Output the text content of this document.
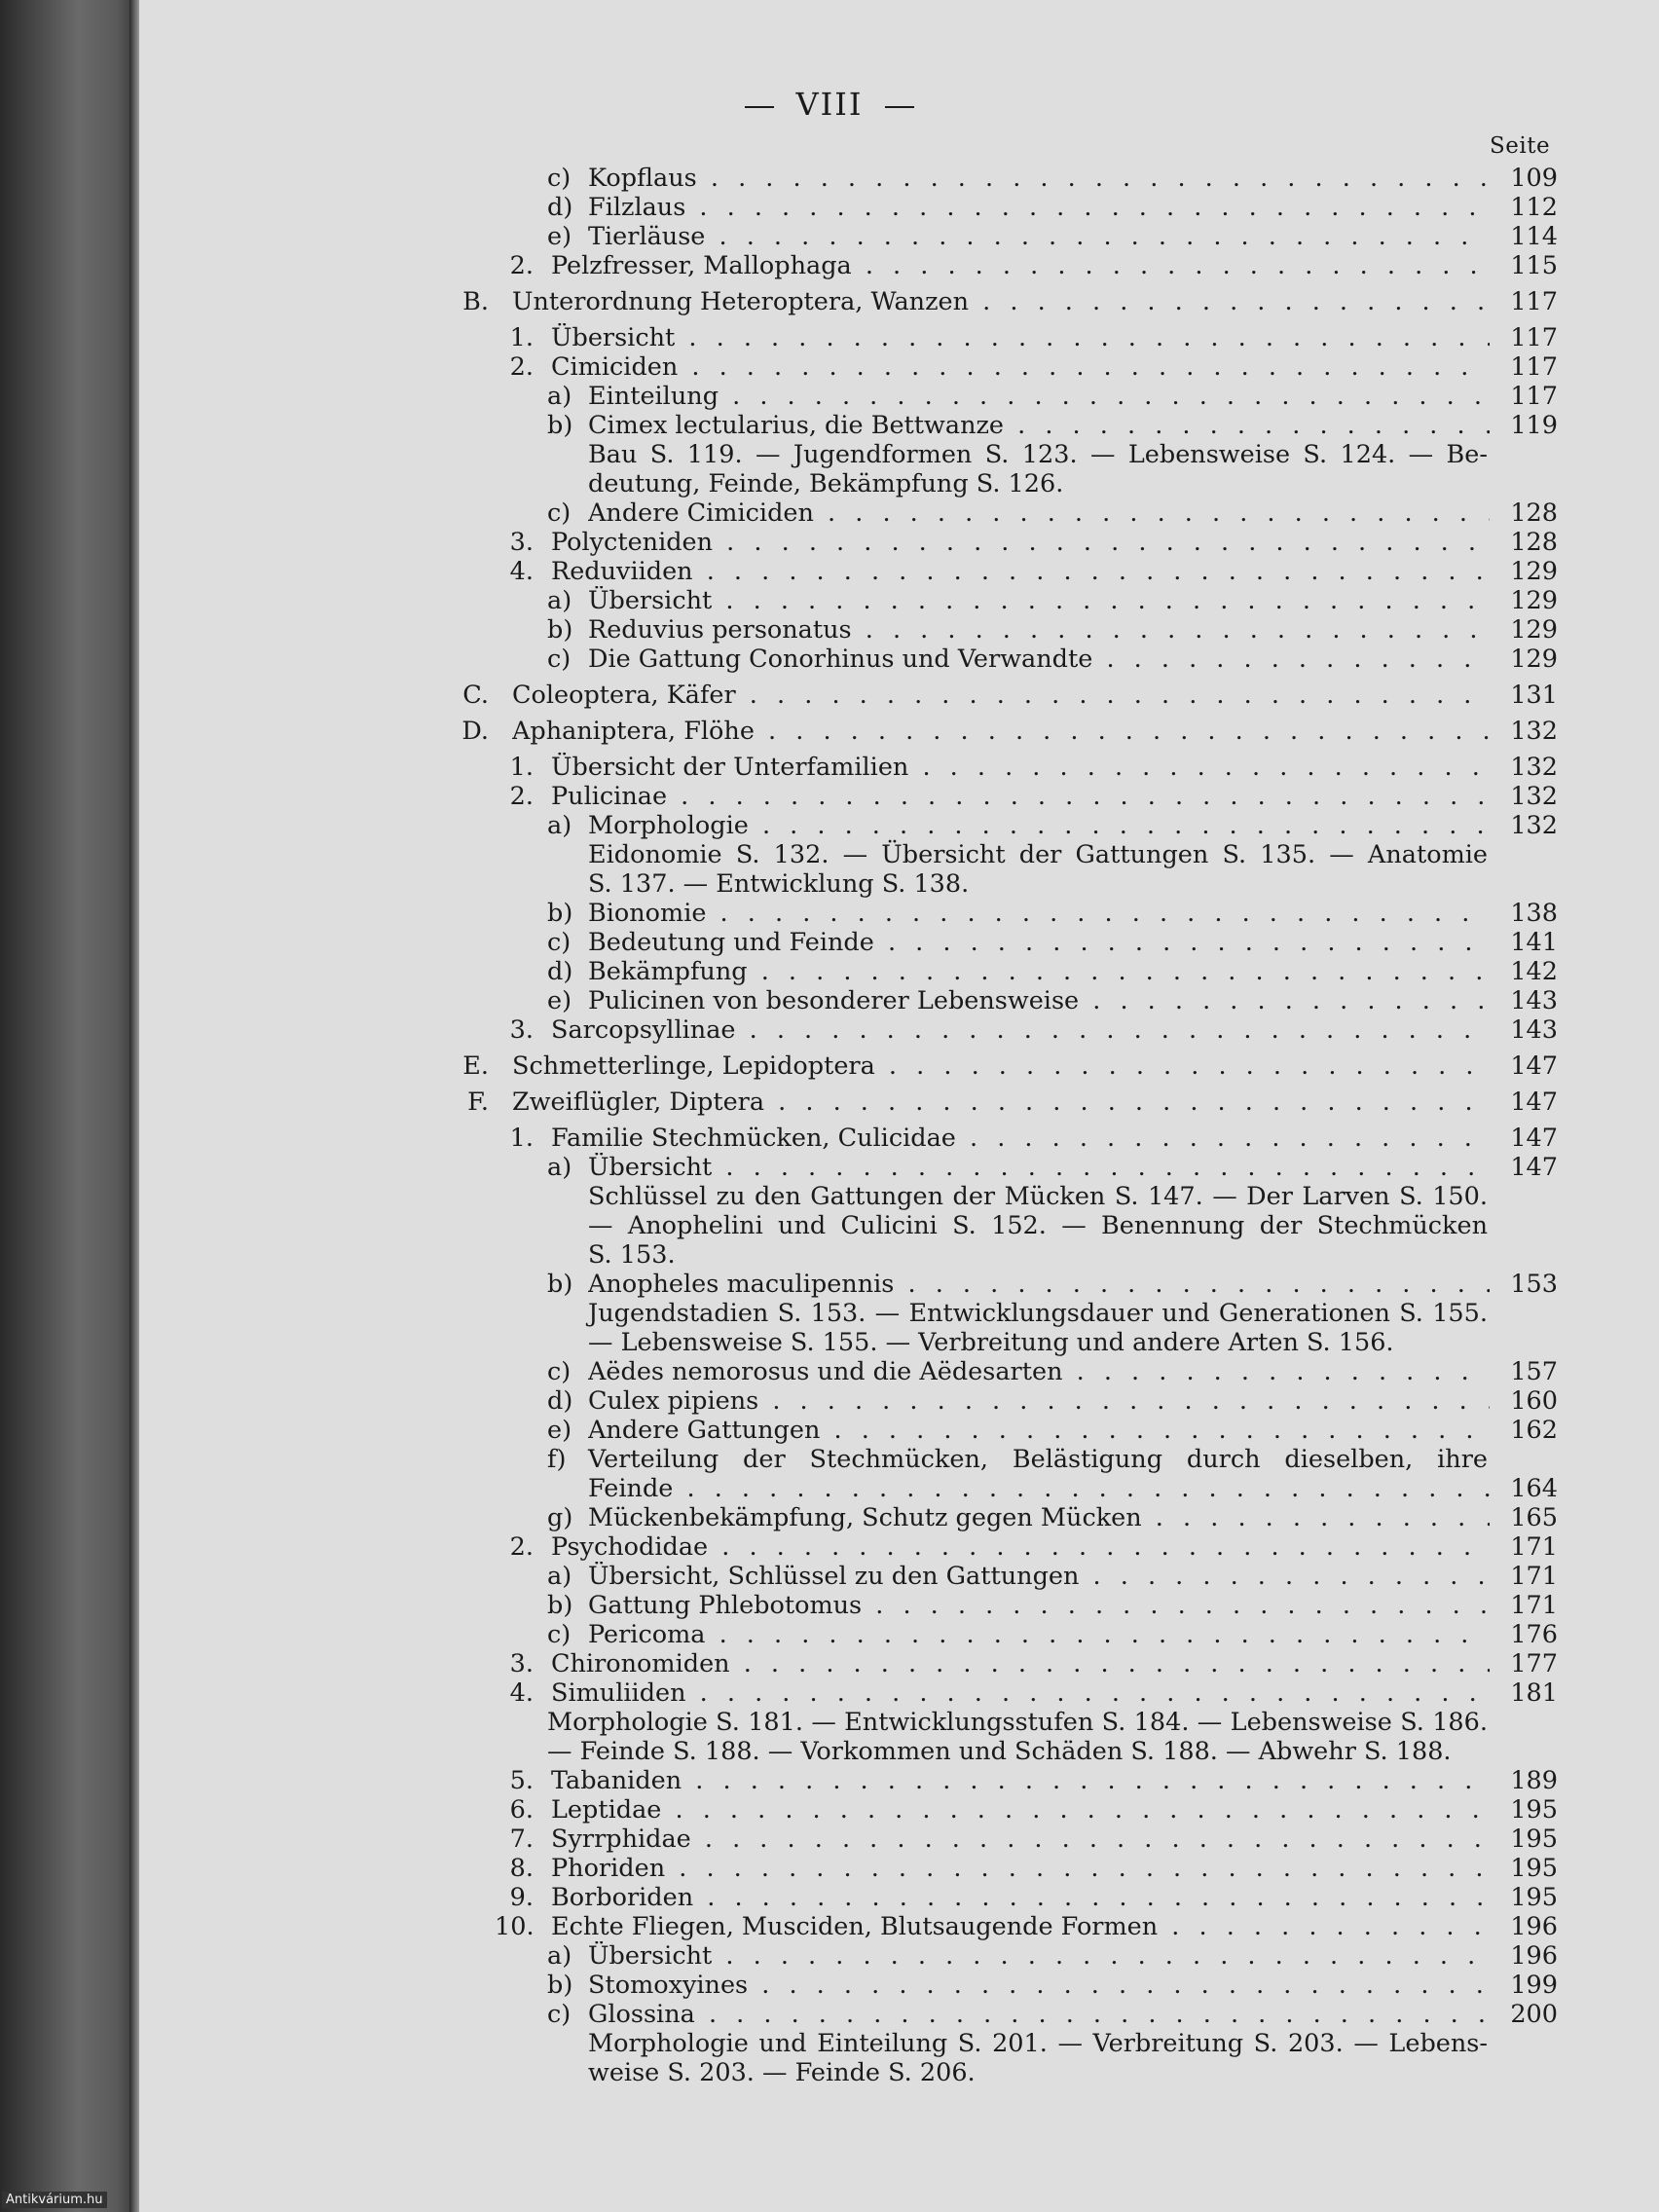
VIII
Seite
c) Kopflaus . . .	109
d) Filzlaus . . .	112
e) Tierläuse . . .	114
2. Pelzfresser, Mallophaga . . .	115
B. Unterordnung Heteroptera, Wanzen . . .	117
1. Übersicht . . .	117
2. Cimiciden . . .	117
a) Einteilung . . .	117
b) Cimex lectularius, die Bettwanze . . .	119
Bau S. 119. — Jugendformen S. 123. — Lebensweise S. 124. — Be-
deutung, Feinde, Bekämpfung S. 126.
c) Andere Cimiciden . . .	128
3. Polycteniden . . .	128
4. Reduviiden . . .	129
a) Übersicht . . .	129
b) Reduvius personatus . . .	129
c) Die Gattung Conorhinus und Verwandte . . .	129
C. Coleoptera, Käfer . . .	131
D. Aphaniptera, Flöhe . . .	132
1. Übersicht der Unterfamilien . . .	132
2. Pulicinae . . .	132
a) Morphologie . . .	132
Eidonomie S. 132. — Übersicht der Gattungen S. 135. — Anatomie
S. 137. — Entwicklung S. 138.
b) Bionomie . . .	138
c) Bedeutung und Feinde . . .	141
d) Bekämpfung . . .	142
e) Pulicinen von besonderer Lebensweise . . .	143
3. Sarcopsyllinae . . .	143
E. Schmetterlinge, Lepidoptera . . .	147
F. Zweiflügler, Diptera . . .	147
1. Familie Stechmücken, Culicidae . . .	147
a) Übersicht . . .	147
Schlüssel zu den Gattungen der Mücken S. 147. — Der Larven S. 150.
— Anophelini und Culicini S. 152. — Benennung der Stechmücken
S. 153.
b) Anopheles maculipennis . . .	153
Jugendstadien S. 153. — Entwicklungsdauer und Generationen S. 155.
— Lebensweise S. 155. — Verbreitung und andere Arten S. 156.
c) Aëdes nemorosus und die Aëdesarten . . .	157
d) Culex pipiens . . .	160
e) Andere Gattungen . . .	162
f) Verteilung der Stechmücken, Belästigung durch dieselben, ihre
Feinde . . .	164
g) Mückenbekämpfung, Schutz gegen Mücken . . .	165
2. Psychodidae . . .	171
a) Übersicht, Schlüssel zu den Gattungen . . .	171
b) Gattung Phlebotomus . . .	171
c) Pericoma . . .	176
3. Chironomiden . . .	177
4. Simuliiden . . .	181
Morphologie S. 181. — Entwicklungsstufen S. 184. — Lebensweise S. 186.
— Feinde S. 188. — Vorkommen und Schäden S. 188. — Abwehr S. 188.
5. Tabaniden . . .	189
6. Leptidae . . .	195
7. Syrrphidae . . .	195
8. Phoriden . . .	195
9. Borboriden . . .	195
10. Echte Fliegen, Musciden, Blutsaugende Formen . . .	196
a) Übersicht . . .	196
b) Stomoxyines . . .	199
c) Glossina . . .	200
Morphologie und Einteilung S. 201. — Verbreitung S. 203. — Lebens-
weise S. 203. — Feinde S. 206.
Antikvárium.hu
